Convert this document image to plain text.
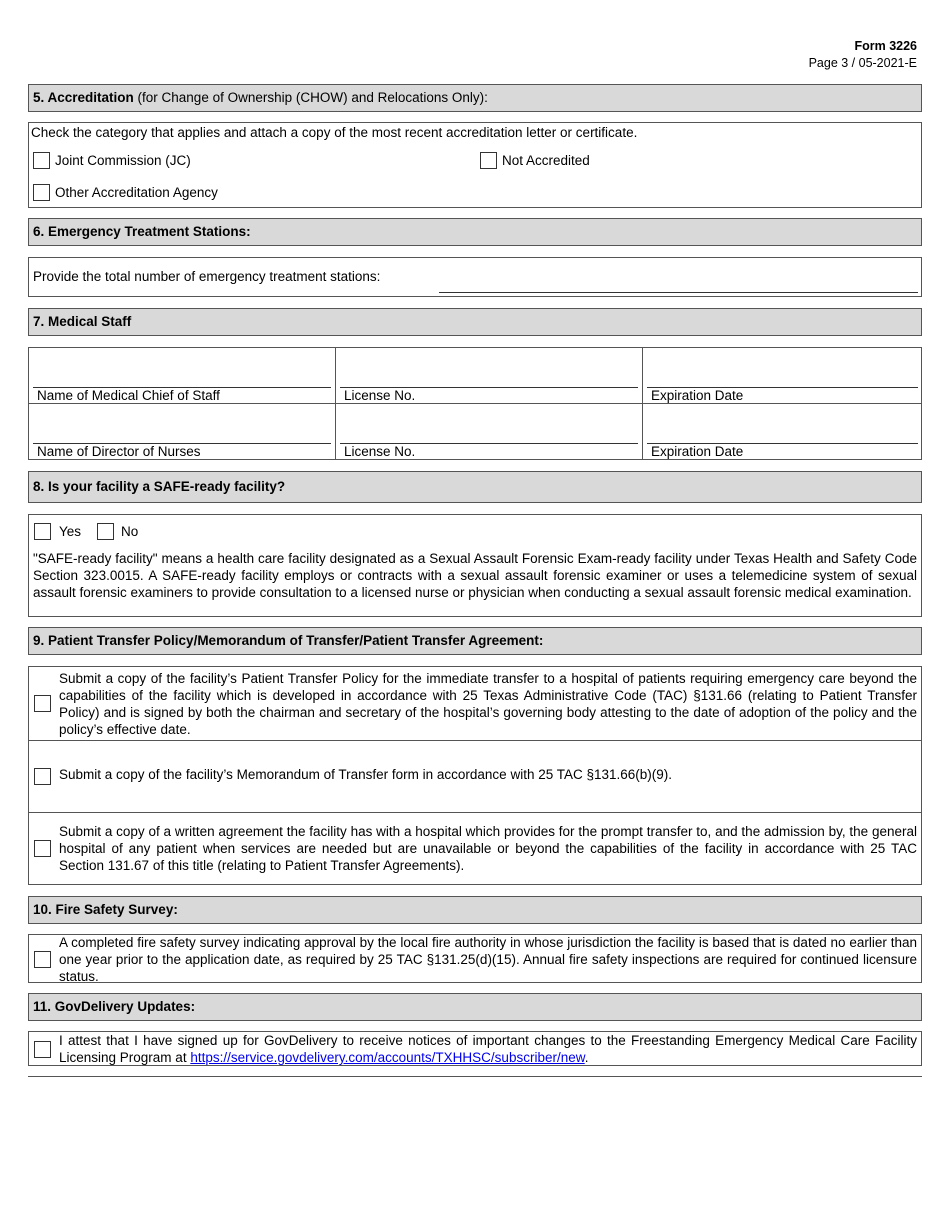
Form 3226
Page 3 / 05-2021-E
5. Accreditation (for Change of Ownership (CHOW) and Relocations Only):
Check the category that applies and attach a copy of the most recent accreditation letter or certificate.
Joint Commission (JC)	Not Accredited
Other Accreditation Agency
6. Emergency Treatment Stations:
Provide the total number of emergency treatment stations:
7. Medical Staff
Name of Medical Chief of Staff	License No.	Expiration Date
Name of Director of Nurses	License No.	Expiration Date
8. Is your facility a SAFE-ready facility?
Yes	No
"SAFE-ready facility" means a health care facility designated as a Sexual Assault Forensic Exam-ready facility under Texas Health and Safety Code Section 323.0015. A SAFE-ready facility employs or contracts with a sexual assault forensic examiner or uses a telemedicine system of sexual assault forensic examiners to provide consultation to a licensed nurse or physician when conducting a sexual assault forensic medical examination.
9. Patient Transfer Policy/Memorandum of Transfer/Patient Transfer Agreement:
Submit a copy of the facility’s Patient Transfer Policy for the immediate transfer to a hospital of patients requiring emergency care beyond the capabilities of the facility which is developed in accordance with 25 Texas Administrative Code (TAC) §131.66 (relating to Patient Transfer Policy) and is signed by both the chairman and secretary of the hospital’s governing body attesting to the date of adoption of the policy and the policy’s effective date.
Submit a copy of the facility’s Memorandum of Transfer form in accordance with 25 TAC §131.66(b)(9).
Submit a copy of a written agreement the facility has with a hospital which provides for the prompt transfer to, and the admission by, the general hospital of any patient when services are needed but are unavailable or beyond the capabilities of the facility in accordance with 25 TAC Section 131.67 of this title (relating to Patient Transfer Agreements).
10. Fire Safety Survey:
A completed fire safety survey indicating approval by the local fire authority in whose jurisdiction the facility is based that is dated no earlier than one year prior to the application date, as required by 25 TAC §131.25(d)(15). Annual fire safety inspections are required for continued licensure status.
11. GovDelivery Updates:
I attest that I have signed up for GovDelivery to receive notices of important changes to the Freestanding Emergency Medical Care Facility Licensing Program at https://service.govdelivery.com/accounts/TXHHSC/subscriber/new.
